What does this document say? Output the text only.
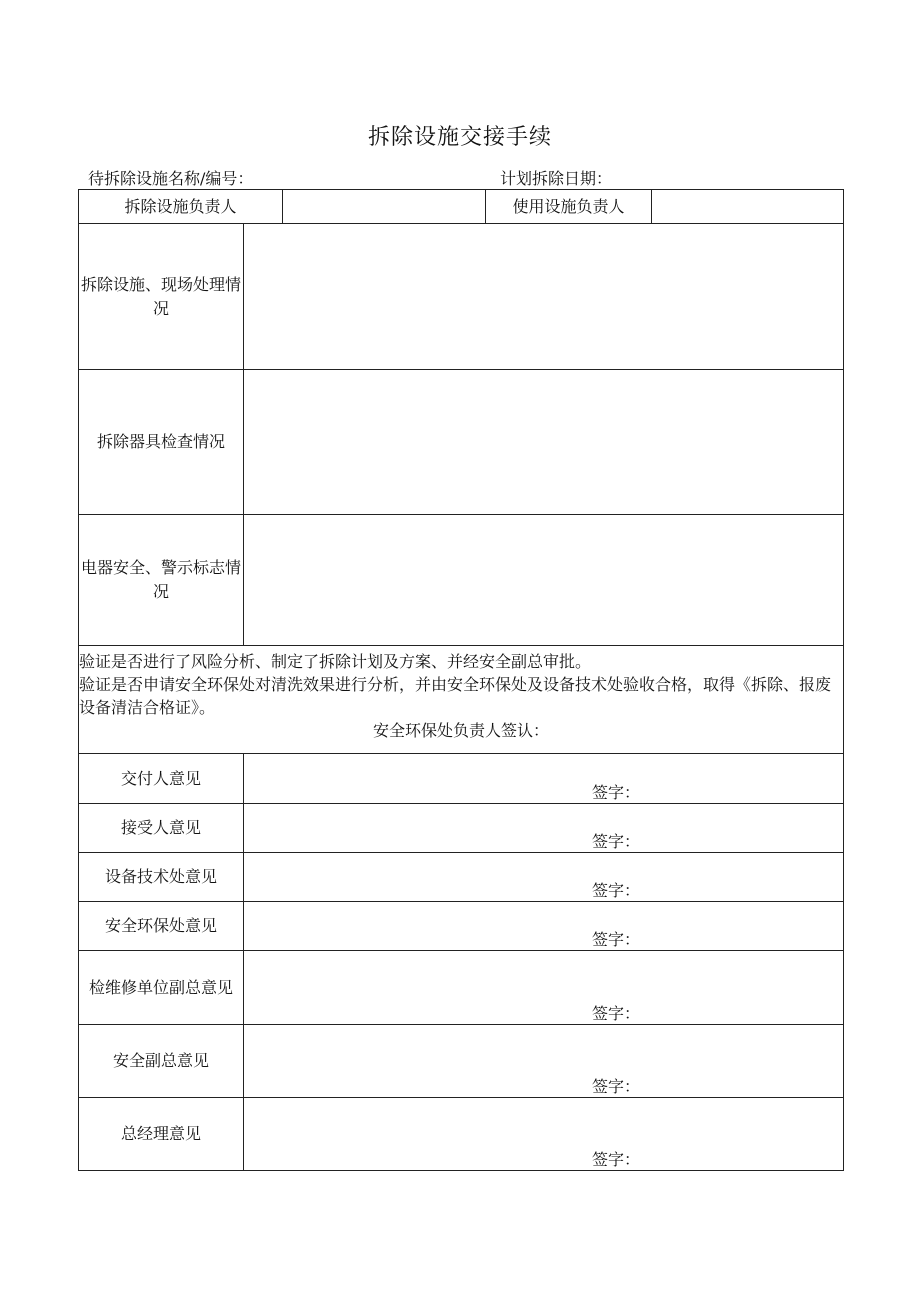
拆除设施交接手续
待拆除设施名称/编号：	计划拆除日期：
拆除设施负责人			使用设施负责人	
拆除设施、现场处理情况				
拆除器具检查情况				
电器安全、警示标志情况				

验证是否进行了风险分析、制定了拆除计划及方案、并经安全副总审批。
验证是否申请安全环保处对清洗效果进行分析，并由安全环保处及设备技术处验收合格，取得《拆除、报废设备清洁合格证》。
安全环保处负责人签认：				

交付人意见	签字：			

接受人意见	签字：			

设备技术处意见	签字：			

安全环保处意见	签字：			

检维修单位副总意见	签字：			

安全副总意见	签字：			

总经理意见	签字：			
